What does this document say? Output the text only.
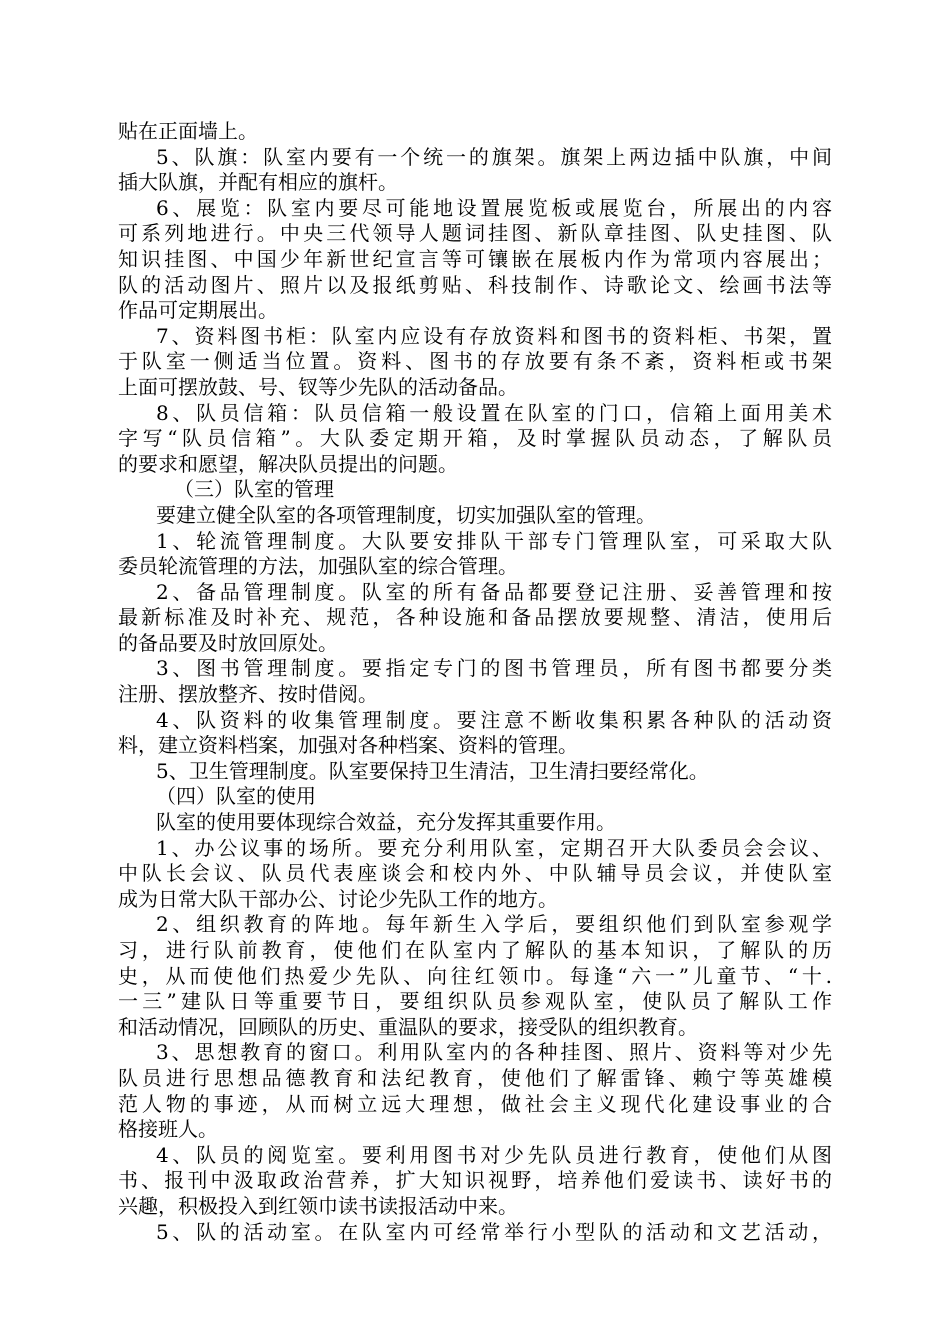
贴在正面墙上。
5、队旗：队室内要有一个统一的旗架。旗架上两边插中队旗，中间
插大队旗，并配有相应的旗杆。
6、展览：队室内要尽可能地设置展览板或展览台，所展出的内容
可系列地进行。中央三代领导人题词挂图、新队章挂图、队史挂图、队
知识挂图、中国少年新世纪宣言等可镶嵌在展板内作为常项内容展出；
队的活动图片、照片以及报纸剪贴、科技制作、诗歌论文、绘画书法等
作品可定期展出。
7、资料图书柜：队室内应设有存放资料和图书的资料柜、书架，置
于队室一侧适当位置。资料、图书的存放要有条不紊，资料柜或书架
上面可摆放鼓、号、钗等少先队的活动备品。
8、队员信箱：队员信箱一般设置在队室的门口，信箱上面用美术
字写“队员信箱”。大队委定期开箱，及时掌握队员动态，了解队员
的要求和愿望，解决队员提出的问题。
（三）队室的管理
要建立健全队室的各项管理制度，切实加强队室的管理。
1、轮流管理制度。大队要安排队干部专门管理队室，可采取大队
委员轮流管理的方法，加强队室的综合管理。
2、备品管理制度。队室的所有备品都要登记注册、妥善管理和按
最新标准及时补充、规范，各种设施和备品摆放要规整、清洁，使用后
的备品要及时放回原处。
3、图书管理制度。要指定专门的图书管理员，所有图书都要分类
注册、摆放整齐、按时借阅。
4、队资料的收集管理制度。要注意不断收集积累各种队的活动资
料，建立资料档案，加强对各种档案、资料的管理。
5、卫生管理制度。队室要保持卫生清洁，卫生清扫要经常化。
（四）队室的使用
队室的使用要体现综合效益，充分发挥其重要作用。
1、办公议事的场所。要充分利用队室，定期召开大队委员会会议、
中队长会议、队员代表座谈会和校内外、中队辅导员会议，并使队室
成为日常大队干部办公、讨论少先队工作的地方。
2、组织教育的阵地。每年新生入学后，要组织他们到队室参观学
习，进行队前教育，使他们在队室内了解队的基本知识，了解队的历
史，从而使他们热爱少先队、向往红领巾。每逢“六一”儿童节、“十.
一三”建队日等重要节日，要组织队员参观队室，使队员了解队工作
和活动情况，回顾队的历史、重温队的要求，接受队的组织教育。
3、思想教育的窗口。利用队室内的各种挂图、照片、资料等对少先
队员进行思想品德教育和法纪教育，使他们了解雷锋、赖宁等英雄模
范人物的事迹，从而树立远大理想，做社会主义现代化建设事业的合
格接班人。
4、队员的阅览室。要利用图书对少先队员进行教育，使他们从图
书、报刊中汲取政治营养，扩大知识视野，培养他们爱读书、读好书的
兴趣，积极投入到红领巾读书读报活动中来。
5、队的活动室。在队室内可经常举行小型队的活动和文艺活动，
